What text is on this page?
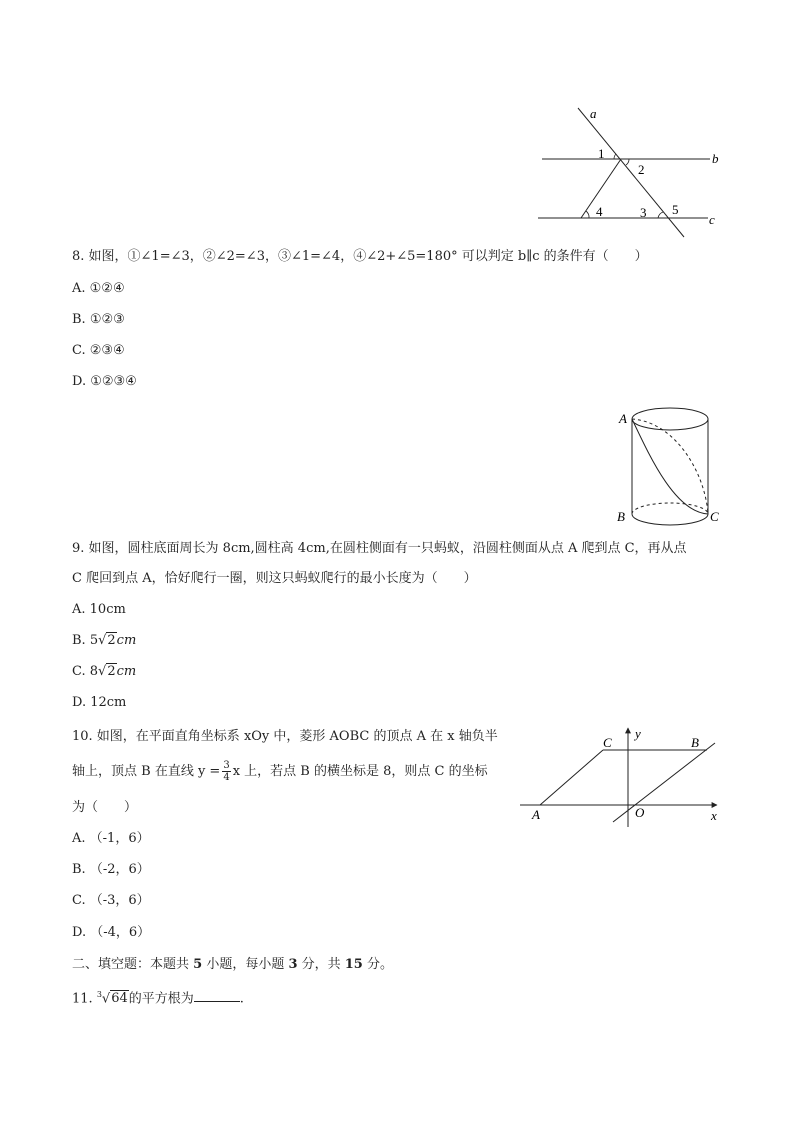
a
b
c
1
2
4	3 5
8. 如图，①∠1=∠3，②∠2=∠3，③∠1=∠4，④∠2+∠5=180° 可以判定 b∥c 的条件有（　　）
A. ①②④
B. ①②③
C. ②③④
D. ①②③④
A
B	C
9. 如图，圆柱底面周长为 8cm,圆柱高 4cm,在圆柱侧面有一只蚂蚁，沿圆柱侧面从点 A 爬到点 C，再从点
C 爬回到点 A，恰好爬行一圈，则这只蚂蚁爬行的最小长度为（　　）
A. 10cm
B. 5√2cm
C. 8√2cm
D. 12cm
y
x
O
A
C	B
10. 如图，在平面直角坐标系 xOy 中，菱形 AOBC 的顶点 A 在 x 轴负半
轴上，顶点 B 在直线 $y = \frac{3}{4}$ x 上，若点 B 的横坐标是 8，则点 C 的坐标
为（　　）
A. （-1，6）
B. （-2，6）
C. （-3，6）
D. （-4，6）
二、填空题：本题共 5 小题，每小题 3 分，共 15 分。
11. $^3$√64的平方根为	.
